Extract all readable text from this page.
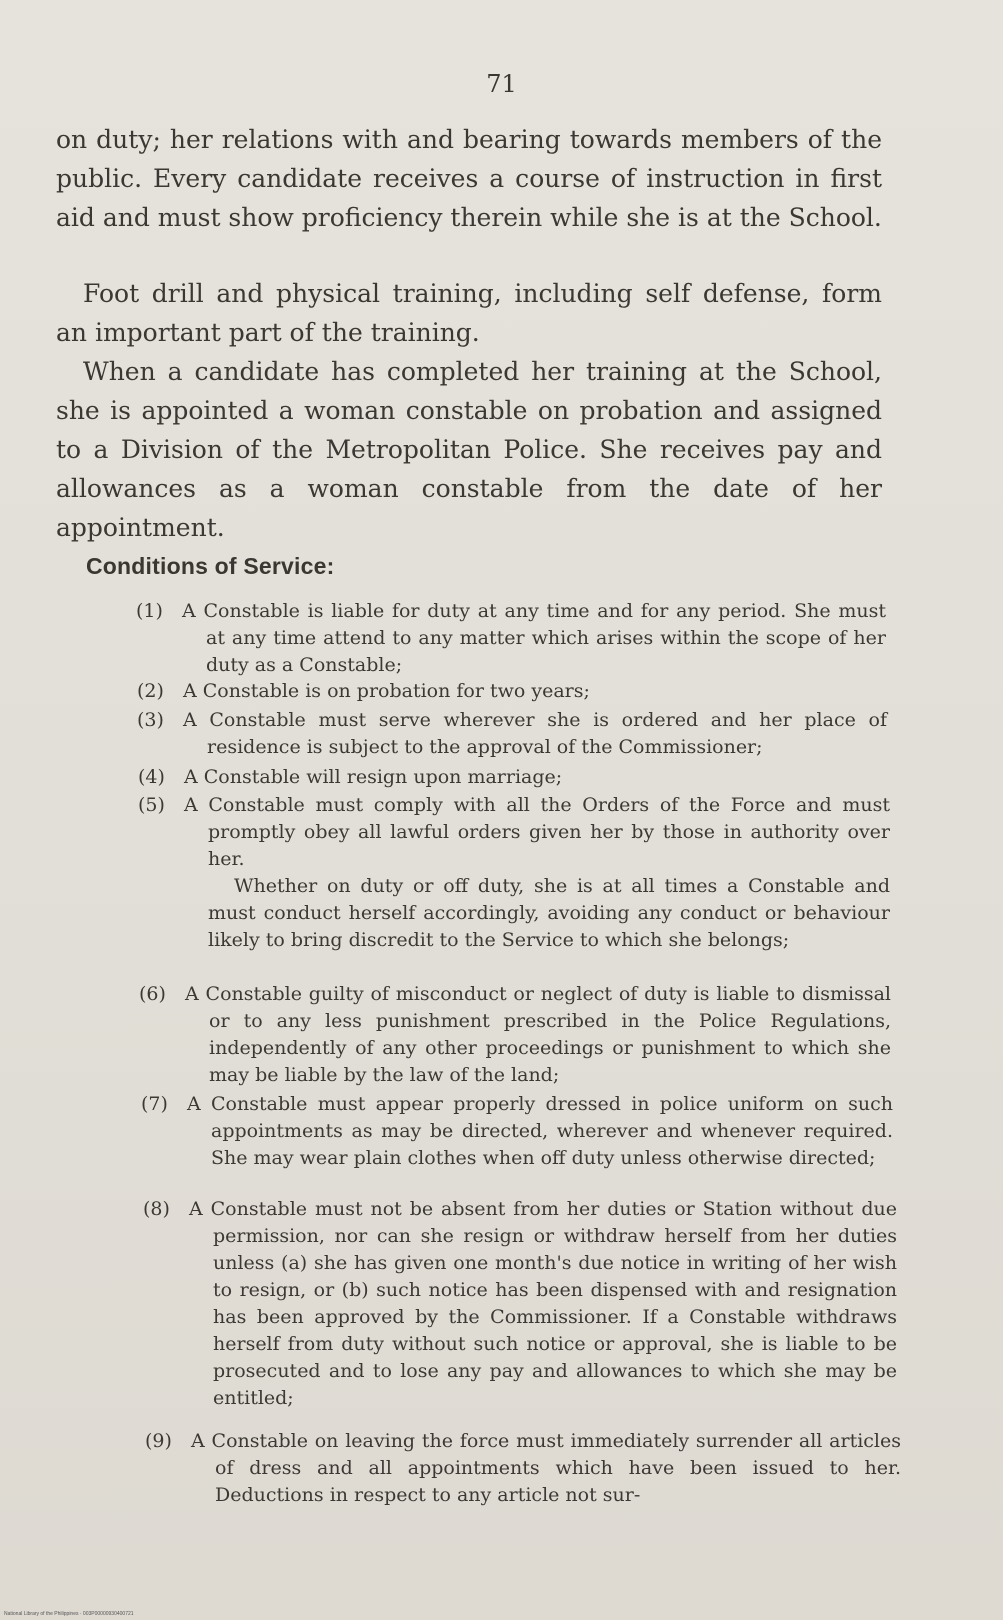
71

on duty; her relations with and bearing towards members of the public. Every candidate receives a course of instruction in first aid and must show proficiency therein while she is at the School.

Foot drill and physical training, including self defense, form an important part of the training.

When a candidate has completed her training at the School, she is appointed a woman constable on probation and assigned to a Division of the Metropolitan Police. She receives pay and allowances as a woman constable from the date of her appointment.

Conditions of Service:
(1)	A Constable is liable for duty at any time and for any period. She must at any time attend to any matter which arises within the scope of her duty as a Constable;
(2)	A Constable is on probation for two years;
(3)	A Constable must serve wherever she is ordered and her place of residence is subject to the approval of the Commissioner;
(4)	A Constable will resign upon marriage;
(5)	A Constable must comply with all the Orders of the Force and must promptly obey all lawful orders given her by those in authority over her.
Whether on duty or off duty, she is at all times a Constable and must conduct herself accordingly, avoiding any conduct or behaviour likely to bring discredit to the Service to which she belongs;
(6)	A Constable guilty of misconduct or neglect of duty is liable to dismissal or to any less punishment prescribed in the Police Regulations, independently of any other proceedings or punishment to which she may be liable by the law of the land;
(7)	A Constable must appear properly dressed in police uniform on such appointments as may be directed, wherever and whenever required. She may wear plain clothes when off duty unless otherwise directed;
(8)	A Constable must not be absent from her duties or Station without due permission, nor can she resign or withdraw herself from her duties unless (a) she has given one month's due notice in writing of her wish to resign, or (b) such notice has been dispensed with and resignation has been approved by the Commissioner. If a Constable withdraws herself from duty without such notice or approval, she is liable to be prosecuted and to lose any pay and allowances to which she may be entitled;
(9)	A Constable on leaving the force must immediately surrender all articles of dress and all appointments which have been issued to her. Deductions in respect to any article not sur-
National Library of the Philippines · 003P00000930400721
